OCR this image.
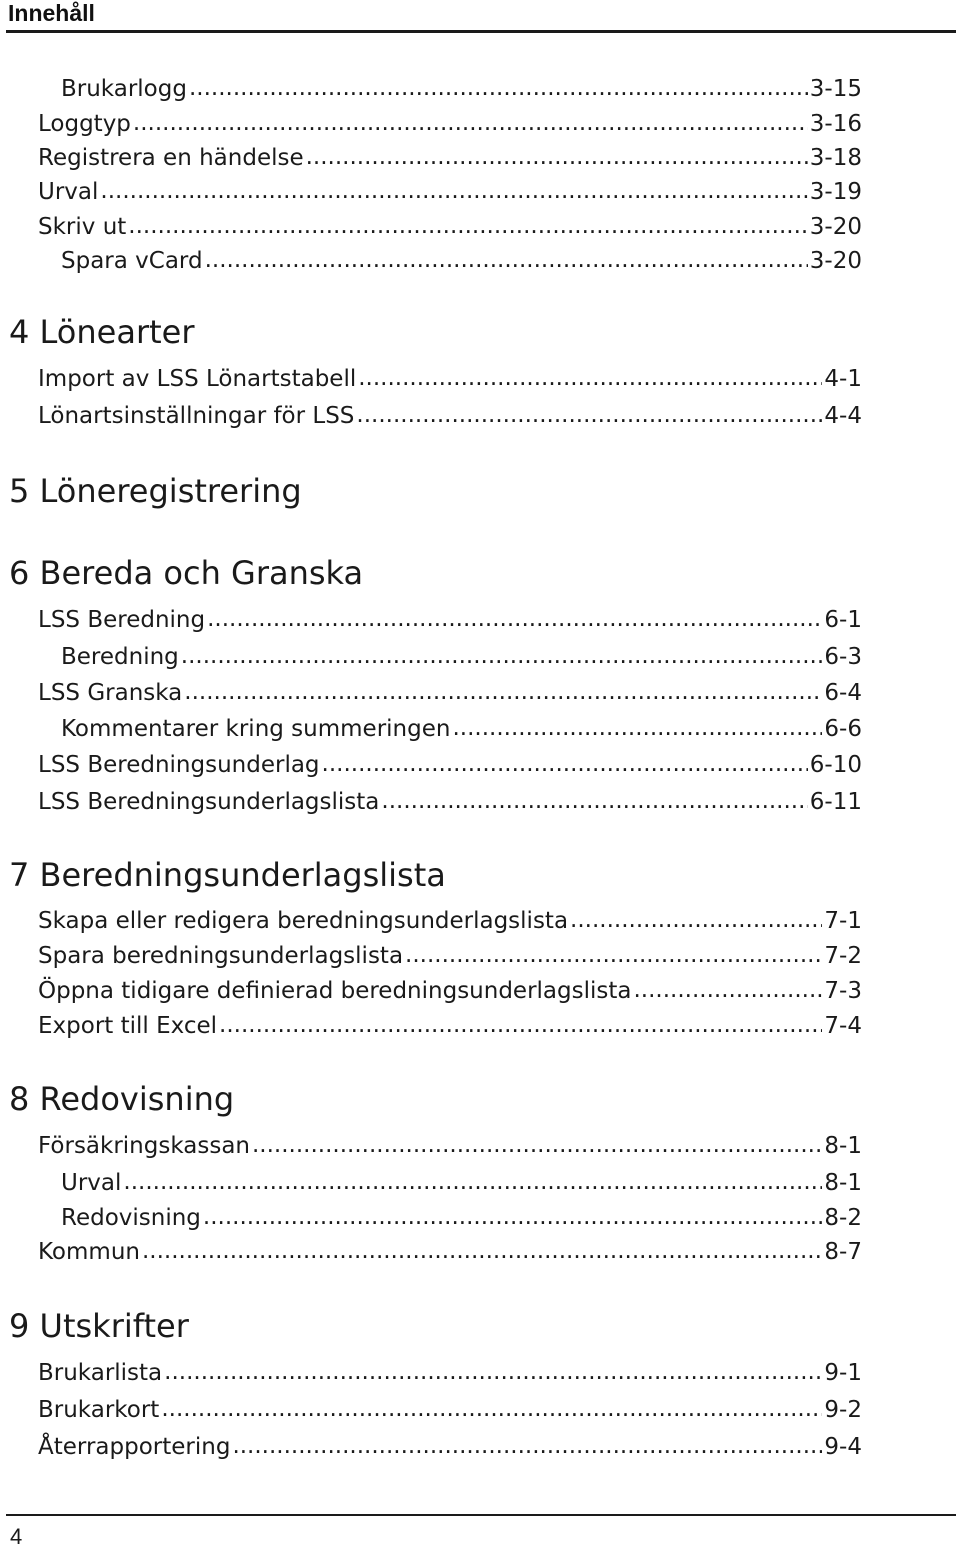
Innehåll
Brukarlogg .....	3-15
Loggtyp .....	3-16
Registrera en händelse .....	3-18
Urval .....	3-19
Skriv ut .....	3-20
Spara vCard .....	3-20
4 Lönearter
Import av LSS Lönartstabell .....	4-1
Lönartsinställningar för LSS .....	4-4
5 Löneregistrering
6 Bereda och Granska
LSS Beredning .....	6-1
Beredning .....	6-3
LSS Granska .....	6-4
Kommentarer kring summeringen .....	6-6
LSS Beredningsunderlag .....	6-10
LSS Beredningsunderlagslista .....	6-11
7 Beredningsunderlagslista
Skapa eller redigera beredningsunderlagslista .....	7-1
Spara beredningsunderlagslista .....	7-2
Öppna tidigare definierad beredningsunderlagslista .....	7-3
Export till Excel .....	7-4
8 Redovisning
Försäkringskassan .....	8-1
Urval .....	8-1
Redovisning .....	8-2
Kommun .....	8-7
9 Utskrifter
Brukarlista .....	9-1
Brukarkort .....	9-2
Återrapportering .....	9-4
4
